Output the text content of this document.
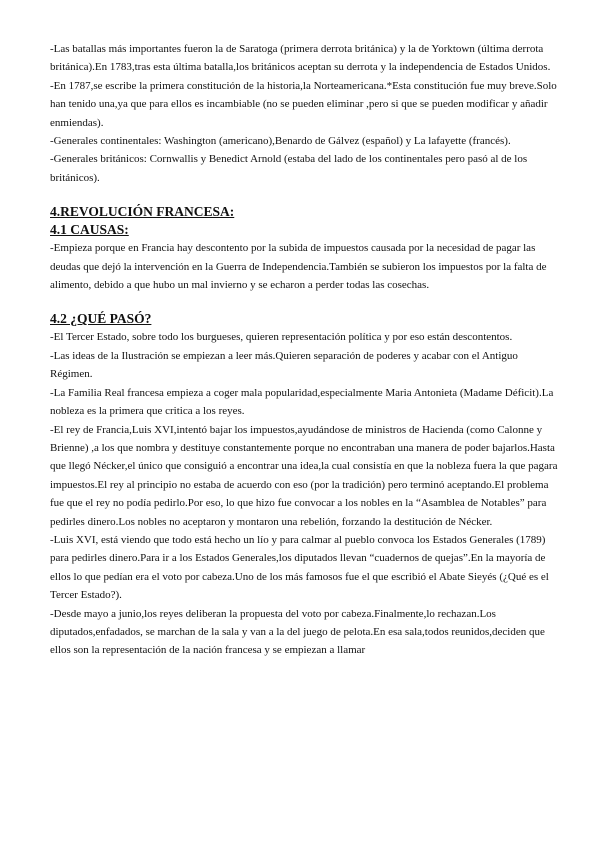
-Las batallas más importantes fueron la de Saratoga (primera derrota británica) y la de Yorktown (última derrota británica).En 1783,tras esta última batalla,los británicos aceptan su derrota y la independencia de Estados Unidos.

-En 1787,se escribe la primera constitución de la historia,la Norteamericana.*Esta constitución fue muy breve.Solo han tenido una,ya que para ellos es incambiable (no se pueden eliminar ,pero si que se pueden modificar y añadir enmiendas).

-Generales continentales: Washington (americano),Benardo de Gálvez (español) y La lafayette (francés).

-Generales británicos: Cornwallis y Benedict Arnold (estaba del lado de los continentales pero pasó al de los británicos).

4.REVOLUCIÓN FRANCESA:
4.1 CAUSAS:

-Empieza porque en Francia hay descontento por la subida de impuestos causada por la necesidad de pagar las deudas que dejó la intervención en la Guerra de Independencia.También se subieron los impuestos por la falta de alimento, debido a que hubo un mal invierno y se echaron a perder todas las cosechas.

4.2 ¿QUÉ PASÓ?

-El Tercer Estado, sobre todo los burgueses, quieren representación política y por eso están descontentos.

-Las ideas de la Ilustración se empiezan a leer más.Quieren separación de poderes y acabar con el Antiguo Régimen.

-La Familia Real francesa empieza a coger mala popularidad,especialmente Maria Antonieta (Madame Déficit).La nobleza es la primera que critica a los reyes.

-El rey de Francia,Luis XVI,intentó bajar los impuestos,ayudándose de ministros de Hacienda (como Calonne y Brienne) ,a los que nombra y destituye constantemente porque no encontraban una manera de poder bajarlos.Hasta que llegó Nécker,el único que consiguió a encontrar una idea,la cual consistía en que la nobleza fuera la que pagara impuestos.El rey al principio no estaba de acuerdo con eso (por la tradición) pero terminó aceptando.El problema fue que el rey no podía pedirlo.Por eso, lo que hizo fue convocar a los nobles en la “Asamblea de Notables” para pedirles dinero.Los nobles no aceptaron y montaron una rebelión, forzando la destitución de Nécker.

-Luis XVI, está viendo que todo está hecho un lío y para calmar al pueblo convoca los Estados Generales (1789) para pedirles dinero.Para ir a los Estados Generales,los diputados llevan “cuadernos de quejas”.En la mayoría de ellos lo que pedían era el voto por cabeza.Uno de los más famosos fue el que escribió el Abate Sieyés (¿Qué es el Tercer Estado?).

-Desde mayo a junio,los reyes deliberan la propuesta del voto por cabeza.Finalmente,lo rechazan.Los diputados,enfadados, se marchan de la sala y van a la del juego de pelota.En esa sala,todos reunidos,deciden que ellos son la representación de la nación francesa y se empiezan a llamar
